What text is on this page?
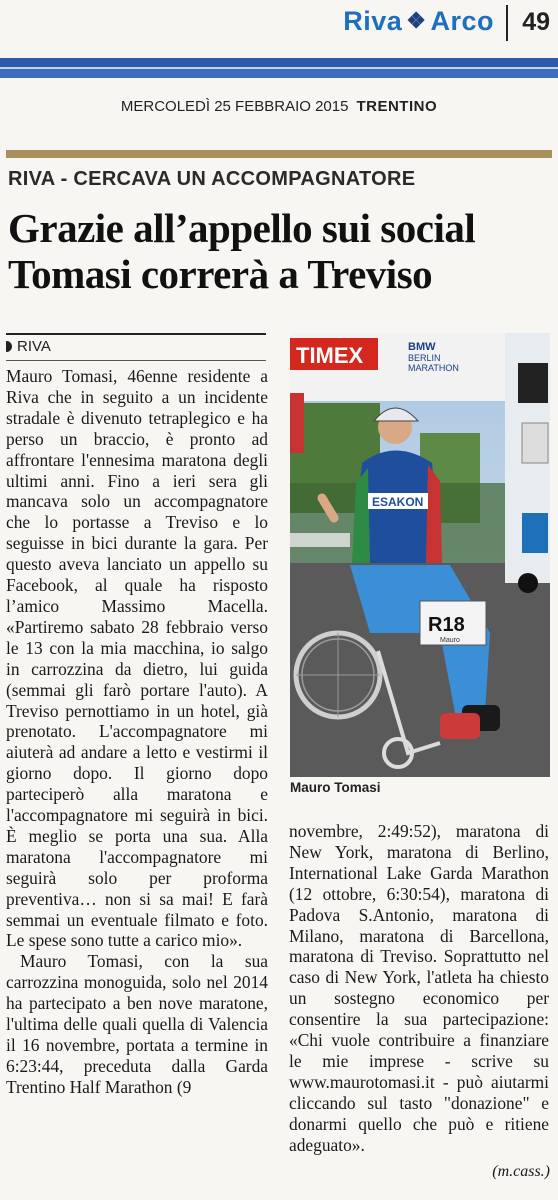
Riva ❖ Arco 49
MERCOLEDÌ 25 FEBBRAIO 2015 TRENTINO
RIVA - CERCAVA UN ACCOMPAGNATORE
Grazie all’appello sui social
Tomasi correrà a Treviso
RIVA

Mauro Tomasi, 46enne residente a Riva che in seguito a un incidente stradale è divenuto tetraplegico e ha perso un braccio, è pronto ad affrontare l'ennesima maratona degli ultimi anni. Fino a ieri sera gli mancava solo un accompagnatore che lo portasse a Treviso e lo seguisse in bici durante la gara. Per questo aveva lanciato un appello su Facebook, al quale ha risposto l’amico Massimo Macella. «Partiremo sabato 28 febbraio verso le 13 con la mia macchina, io salgo in carrozzina da dietro, lui guida (semmai gli farò portare l'auto). A Treviso pernottiamo in un hotel, già prenotato. L'accompagnatore mi aiuterà ad andare a letto e vestirmi il giorno dopo. Il giorno dopo parteciperò alla maratona e l'accompagnatore mi seguirà in bici. È meglio se porta una sua. Alla maratona l'accompagnatore mi seguirà solo per proforma preventiva… non si sa mai! E farà semmai un eventuale filmato e foto. Le spese sono tutte a carico mio».

Mauro Tomasi, con la sua carrozzina monoguida, solo nel 2014 ha partecipato a ben nove maratone, l'ultima delle quali quella di Valencia il 16 novembre, portata a termine in 6:23:44, preceduta dalla Garda Trentino Half Marathon (9

TIMEX	BMW
BERLIN
MARATHON
ESAKON
R18
Mauro
Mauro Tomasi

novembre, 2:49:52), maratona di New York, maratona di Berlino, International Lake Garda Marathon (12 ottobre, 6:30:54), maratona di Padova S.Antonio, maratona di Milano, maratona di Barcellona, maratona di Treviso. Soprattutto nel caso di New York, l'atleta ha chiesto un sostegno economico per consentire la sua partecipazione: «Chi vuole contribuire a finanziare le mie imprese - scrive su www.maurotomasi.it - può aiutarmi cliccando sul tasto "donazione" e donarmi quello che può e ritiene adeguato».

(m.cass.)
